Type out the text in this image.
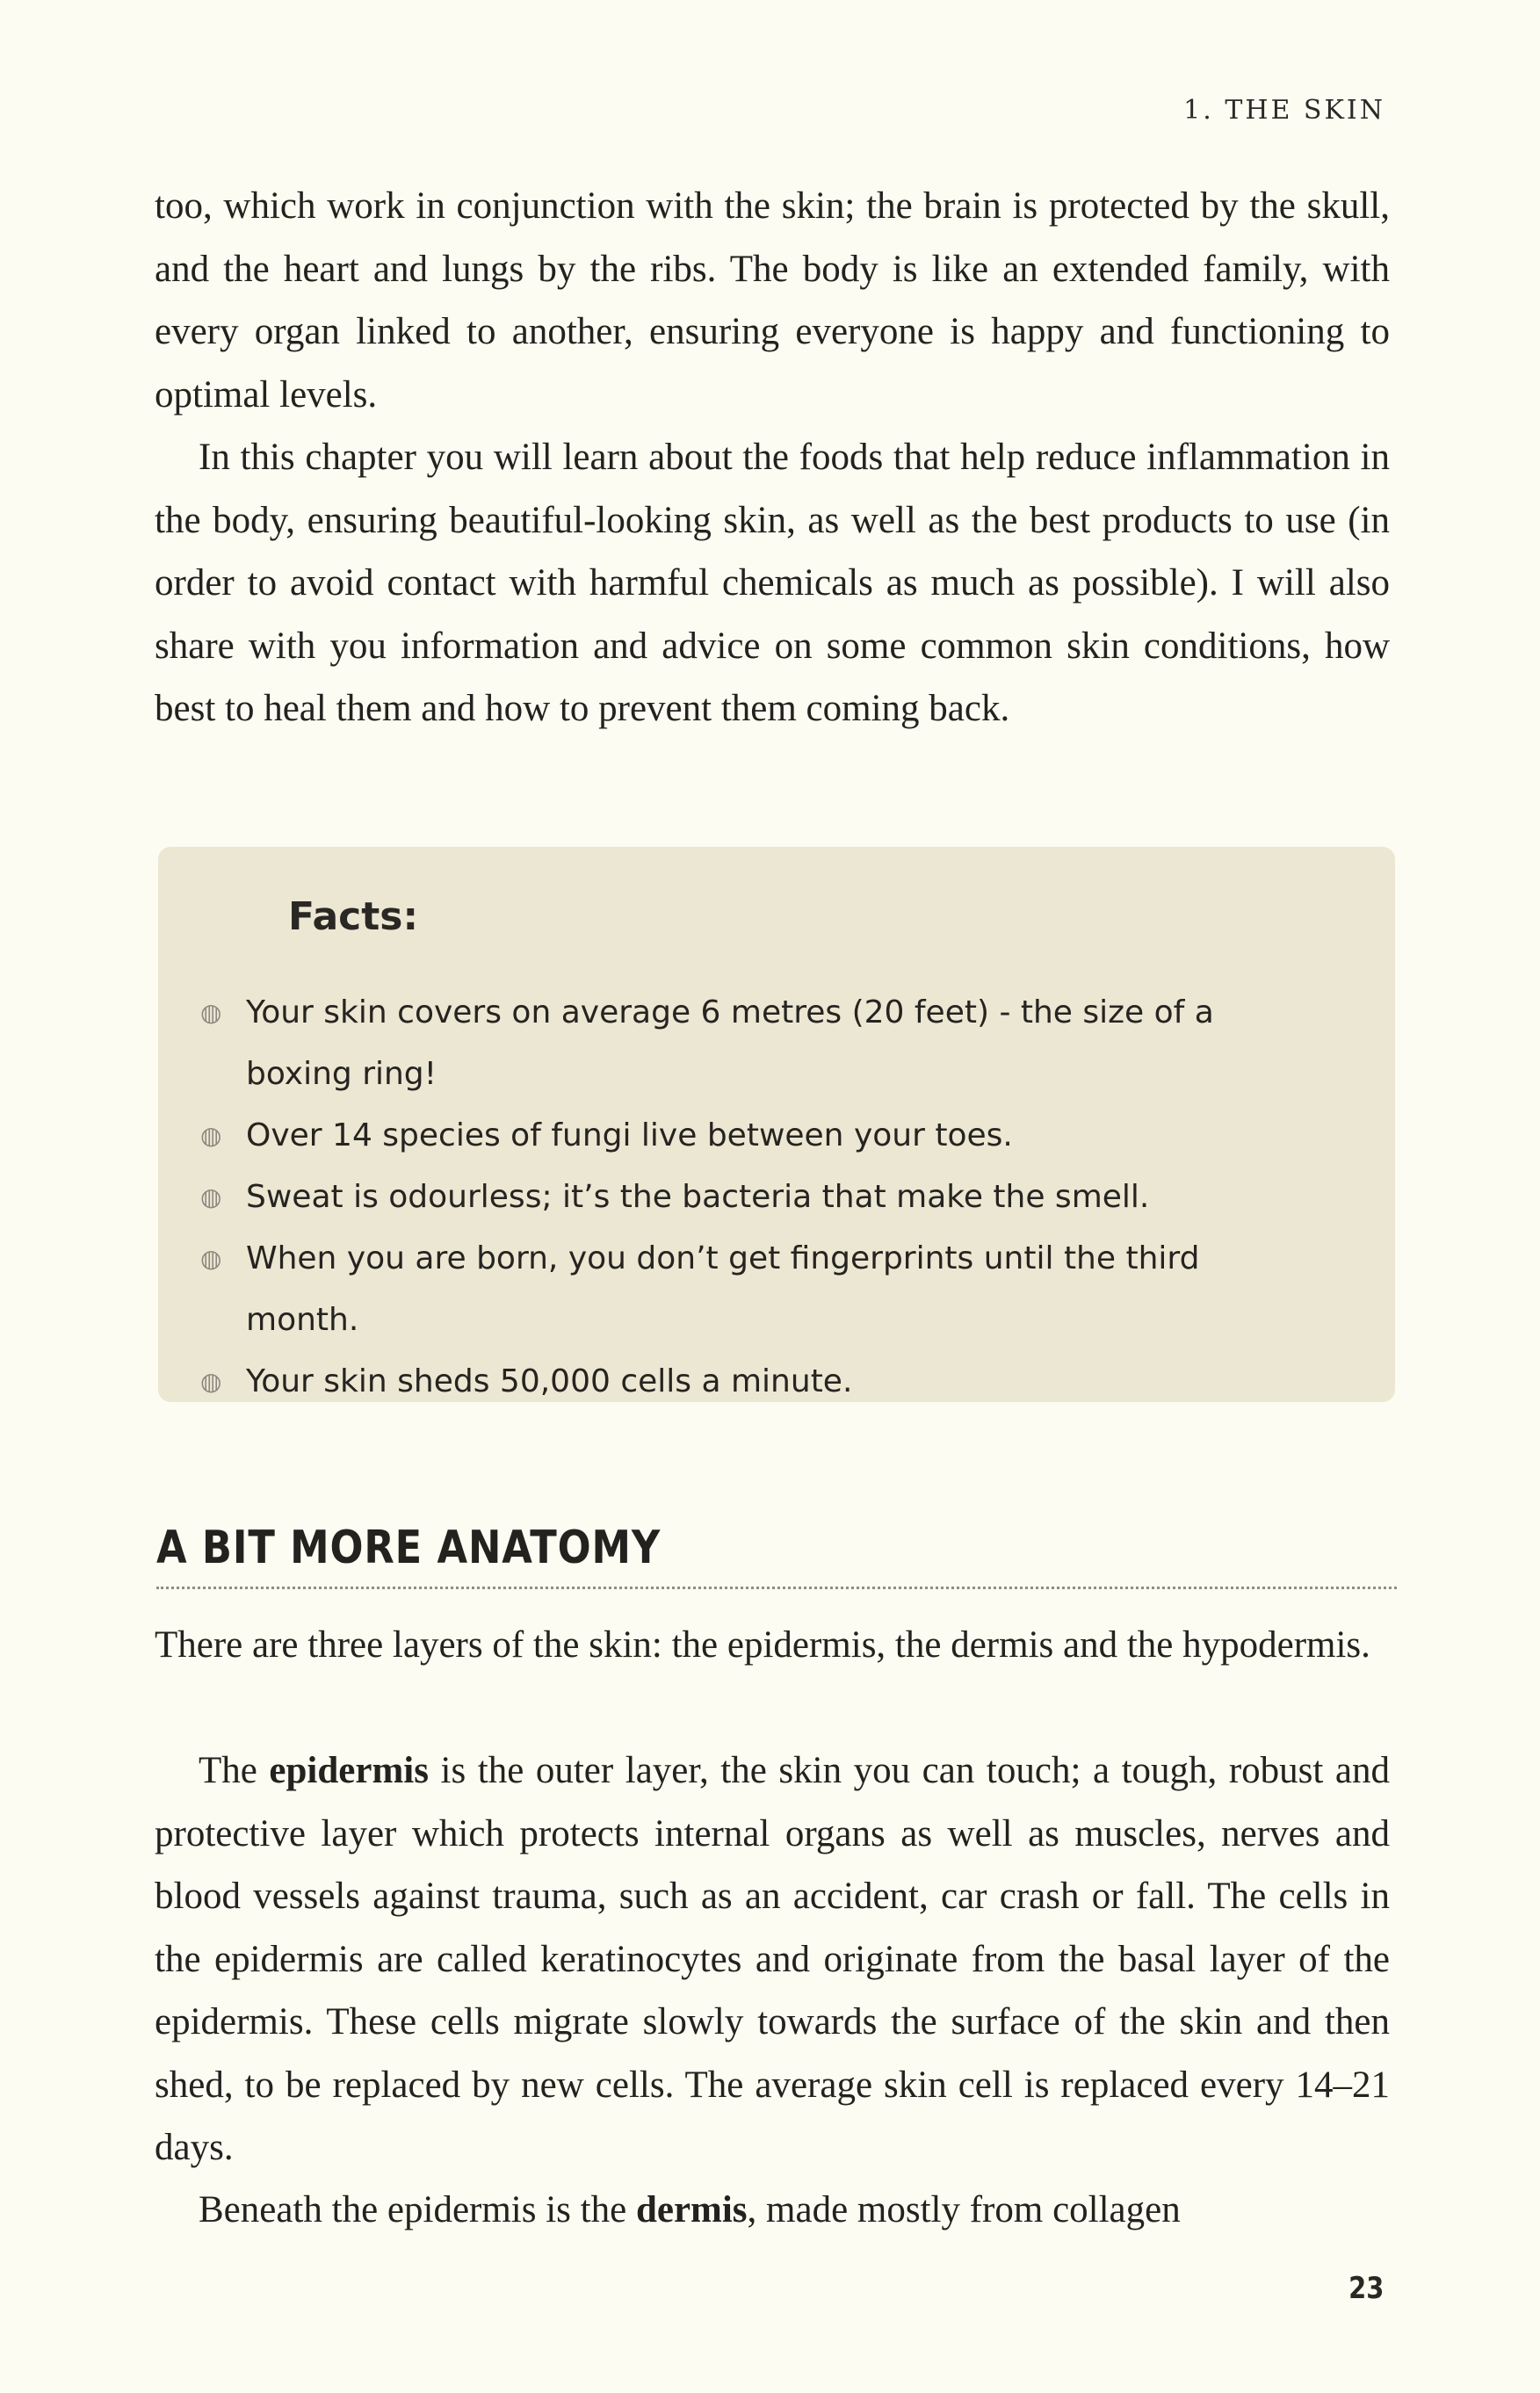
1. THE SKIN

too, which work in conjunction with the skin; the brain is protected by the skull, and the heart and lungs by the ribs. The body is like an extended family, with every organ linked to another, ensuring everyone is happy and functioning to optimal levels.

In this chapter you will learn about the foods that help reduce inflammation in the body, ensuring beautiful-looking skin, as well as the best products to use (in order to avoid contact with harmful chemicals as much as possible). I will also share with you information and advice on some common skin conditions, how best to heal them and how to prevent them coming back.

Facts:
◍ Your skin covers on average 6 metres (20 feet) - the size of a boxing ring!
◍ Over 14 species of fungi live between your toes.
◍ Sweat is odourless; it’s the bacteria that make the smell.
◍ When you are born, you don’t get fingerprints until the third month.
◍ Your skin sheds 50,000 cells a minute.
A BIT MORE ANATOMY

There are three layers of the skin: the epidermis, the dermis and the hypodermis.

The epidermis is the outer layer, the skin you can touch; a tough, robust and protective layer which protects internal organs as well as muscles, nerves and blood vessels against trauma, such as an accident, car crash or fall. The cells in the epidermis are called keratinocytes and originate from the basal layer of the epidermis. These cells migrate slowly towards the surface of the skin and then shed, to be replaced by new cells. The average skin cell is replaced every 14–21 days.

Beneath the epidermis is the dermis, made mostly from collagen

23
